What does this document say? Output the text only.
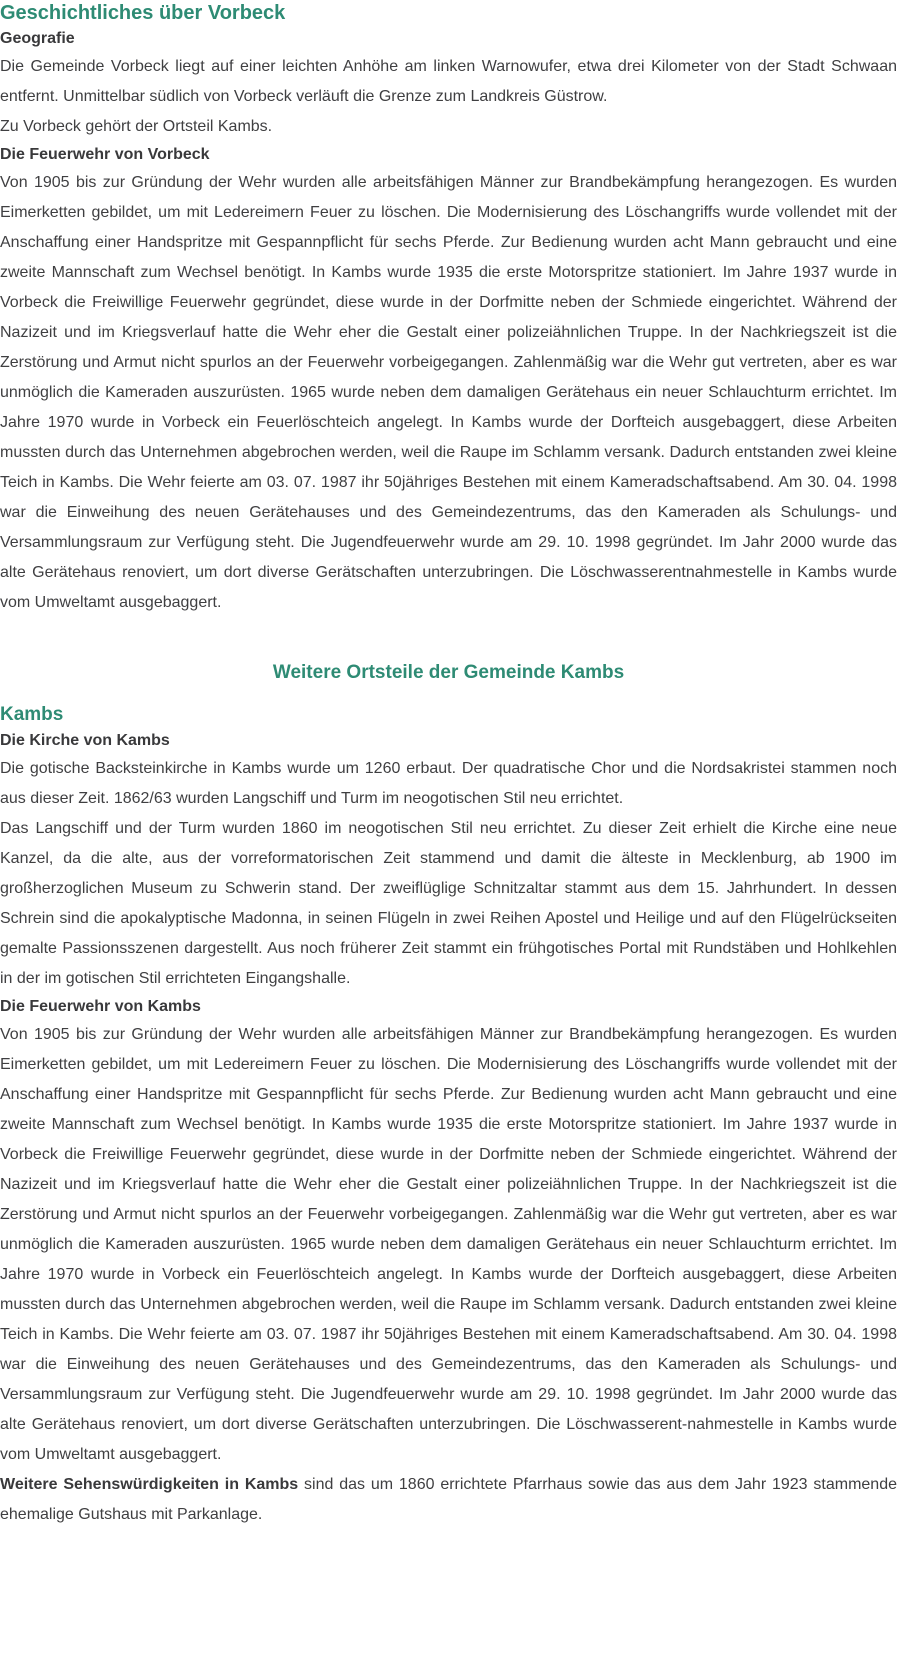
Geschichtliches über Vorbeck
Geografie

Die Gemeinde Vorbeck liegt auf einer leichten Anhöhe am linken Warnowufer, etwa drei Kilometer von der Stadt Schwaan entfernt. Unmittelbar südlich von Vorbeck verläuft die Grenze zum Landkreis Güstrow.

Zu Vorbeck gehört der Ortsteil Kambs.

Die Feuerwehr von Vorbeck

Von 1905 bis zur Gründung der Wehr wurden alle arbeitsfähigen Männer zur Brandbekämpfung herangezogen. Es wurden Eimerketten gebildet, um mit Ledereimern Feuer zu löschen. Die Modernisierung des Löschangriffs wurde vollendet mit der Anschaffung einer Handspritze mit Gespannpflicht für sechs Pferde. Zur Bedienung wurden acht Mann gebraucht und eine zweite Mannschaft zum Wechsel benötigt. In Kambs wurde 1935 die erste Motorspritze stationiert. Im Jahre 1937 wurde in Vorbeck die Freiwillige Feuerwehr gegründet, diese wurde in der Dorfmitte neben der Schmiede eingerichtet. Während der Nazizeit und im Kriegsverlauf hatte die Wehr eher die Gestalt einer polizeiähnlichen Truppe. In der Nachkriegszeit ist die Zerstörung und Armut nicht spurlos an der Feuerwehr vorbeigegangen. Zahlenmäßig war die Wehr gut vertreten, aber es war unmöglich die Kameraden auszurüsten. 1965 wurde neben dem damaligen Gerätehaus ein neuer Schlauchturm errichtet. Im Jahre 1970 wurde in Vorbeck ein Feuerlöschteich angelegt. In Kambs wurde der Dorfteich ausgebaggert, diese Arbeiten mussten durch das Unternehmen abgebrochen werden, weil die Raupe im Schlamm versank. Dadurch entstanden zwei kleine Teich in Kambs. Die Wehr feierte am 03. 07. 1987 ihr 50jähriges Bestehen mit einem Kameradschaftsabend. Am 30. 04. 1998 war die Einweihung des neuen Gerätehauses und des Gemeindezentrums, das den Kameraden als Schulungs- und Versammlungsraum zur Verfügung steht. Die Jugendfeuerwehr wurde am 29. 10. 1998 gegründet. Im Jahr 2000 wurde das alte Gerätehaus renoviert, um dort diverse Gerätschaften unterzubringen. Die Löschwasserentnahmestelle in Kambs wurde vom Umweltamt ausgebaggert.

Weitere Ortsteile der Gemeinde Kambs
Kambs
Die Kirche von Kambs

Die gotische Backsteinkirche in Kambs wurde um 1260 erbaut. Der quadratische Chor und die Nordsakristei stammen noch aus dieser Zeit. 1862/63 wurden Langschiff und Turm im neogotischen Stil neu errichtet.

Das Langschiff und der Turm wurden 1860 im neogotischen Stil neu errichtet. Zu dieser Zeit erhielt die Kirche eine neue Kanzel, da die alte, aus der vorreformatorischen Zeit stammend und damit die älteste in Mecklenburg, ab 1900 im großherzoglichen Museum zu Schwerin stand. Der zweiflüglige Schnitzaltar stammt aus dem 15. Jahrhundert. In dessen Schrein sind die apokalyptische Madonna, in seinen Flügeln in zwei Reihen Apostel und Heilige und auf den Flügelrückseiten gemalte Passionsszenen dargestellt. Aus noch früherer Zeit stammt ein frühgotisches Portal mit Rundstäben und Hohlkehlen in der im gotischen Stil errichteten Eingangshalle.

Die Feuerwehr von Kambs

Von 1905 bis zur Gründung der Wehr wurden alle arbeitsfähigen Männer zur Brandbekämpfung herangezogen. Es wurden Eimerketten gebildet, um mit Ledereimern Feuer zu löschen. Die Modernisierung des Löschangriffs wurde vollendet mit der Anschaffung einer Handspritze mit Gespannpflicht für sechs Pferde. Zur Bedienung wurden acht Mann gebraucht und eine zweite Mannschaft zum Wechsel benötigt. In Kambs wurde 1935 die erste Motorspritze stationiert. Im Jahre 1937 wurde in Vorbeck die Freiwillige Feuerwehr gegründet, diese wurde in der Dorfmitte neben der Schmiede eingerichtet. Während der Nazizeit und im Kriegsverlauf hatte die Wehr eher die Gestalt einer polizeiähnlichen Truppe. In der Nachkriegszeit ist die Zerstörung und Armut nicht spurlos an der Feuerwehr vorbeigegangen. Zahlenmäßig war die Wehr gut vertreten, aber es war unmöglich die Kameraden auszurüsten. 1965 wurde neben dem damaligen Gerätehaus ein neuer Schlauchturm errichtet. Im Jahre 1970 wurde in Vorbeck ein Feuerlöschteich angelegt. In Kambs wurde der Dorfteich ausgebaggert, diese Arbeiten mussten durch das Unternehmen abgebrochen werden, weil die Raupe im Schlamm versank. Dadurch entstanden zwei kleine Teich in Kambs. Die Wehr feierte am 03. 07. 1987 ihr 50jähriges Bestehen mit einem Kameradschaftsabend. Am 30. 04. 1998 war die Einweihung des neuen Gerätehauses und des Gemeindezentrums, das den Kameraden als Schulungs- und Versammlungsraum zur Verfügung steht. Die Jugendfeuerwehr wurde am 29. 10. 1998 gegründet. Im Jahr 2000 wurde das alte Gerätehaus renoviert, um dort diverse Gerätschaften unterzubringen. Die Löschwasserent-nahmestelle in Kambs wurde vom Umweltamt ausgebaggert.

Weitere Sehenswürdigkeiten in Kambs sind das um 1860 errichtete Pfarrhaus sowie das aus dem Jahr 1923 stammende ehemalige Gutshaus mit Parkanlage.
